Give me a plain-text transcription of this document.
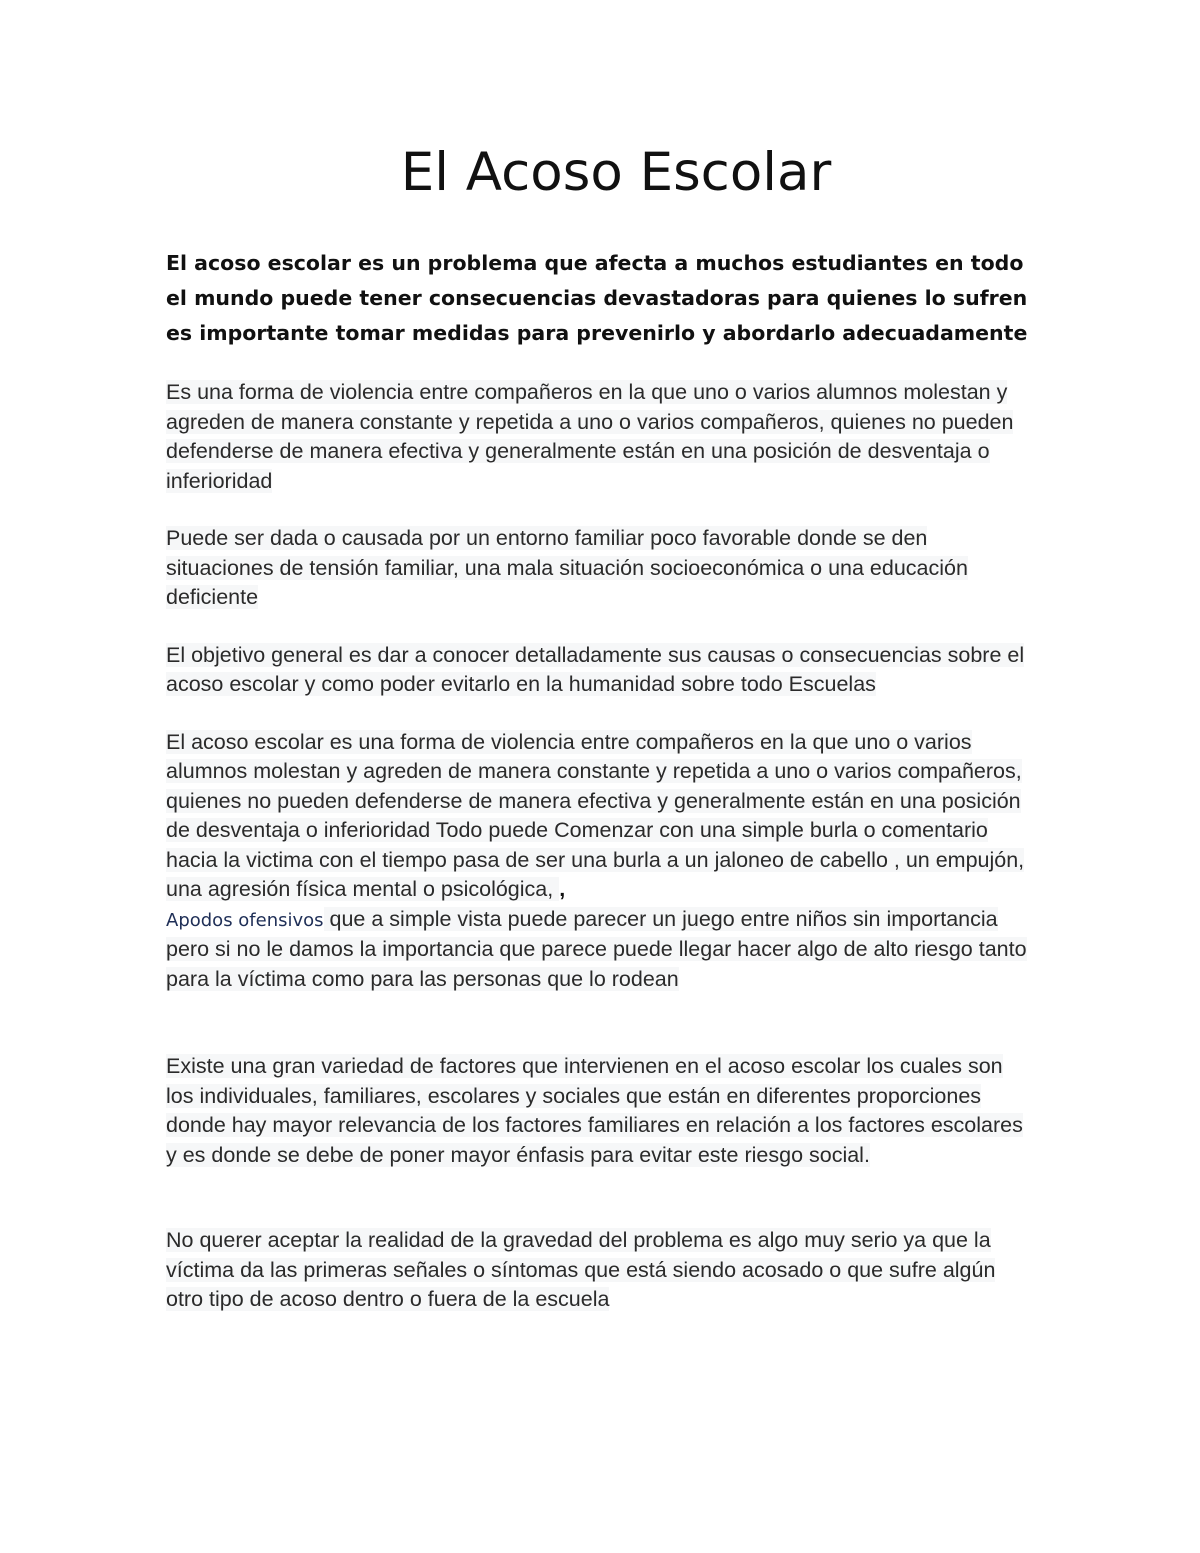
El Acoso Escolar

El acoso escolar es un problema que afecta a muchos estudiantes en todo el mundo puede tener consecuencias devastadoras para quienes lo sufren es importante tomar medidas para prevenirlo y abordarlo adecuadamente

Es una forma de violencia entre compañeros en la que uno o varios alumnos molestan y agreden de manera constante y repetida a uno o varios compañeros, quienes no pueden defenderse de manera efectiva y generalmente están en una posición de desventaja o inferioridad

Puede ser dada o causada por un entorno familiar poco favorable donde se den situaciones de tensión familiar, una mala situación socioeconómica o una educación deficiente

El objetivo general es dar a conocer detalladamente sus causas o consecuencias sobre el acoso escolar y como poder evitarlo en la humanidad sobre todo Escuelas

El acoso escolar es una forma de violencia entre compañeros en la que uno o varios alumnos molestan y agreden de manera constante y repetida a uno o varios compañeros, quienes no pueden defenderse de manera efectiva y generalmente están en una posición de desventaja o inferioridad Todo puede Comenzar con una simple burla o comentario hacia la victima con el tiempo pasa de ser una burla a un jaloneo de cabello , un empujón, una agresión física mental o psicológica, ,
Apodos ofensivos que a simple vista puede parecer un juego entre niños sin importancia pero si no le damos la importancia que parece puede llegar hacer algo de alto riesgo tanto para la víctima como para las personas que lo rodean

Existe una gran variedad de factores que intervienen en el acoso escolar los cuales son los individuales, familiares, escolares y sociales que están en diferentes proporciones donde hay mayor relevancia de los factores familiares en relación a los factores escolares y es donde se debe de poner mayor énfasis para evitar este riesgo social.

No querer aceptar la realidad de la gravedad del problema es algo muy serio ya que la víctima da las primeras señales o síntomas que está siendo acosado o que sufre algún otro tipo de acoso dentro o fuera de la escuela
